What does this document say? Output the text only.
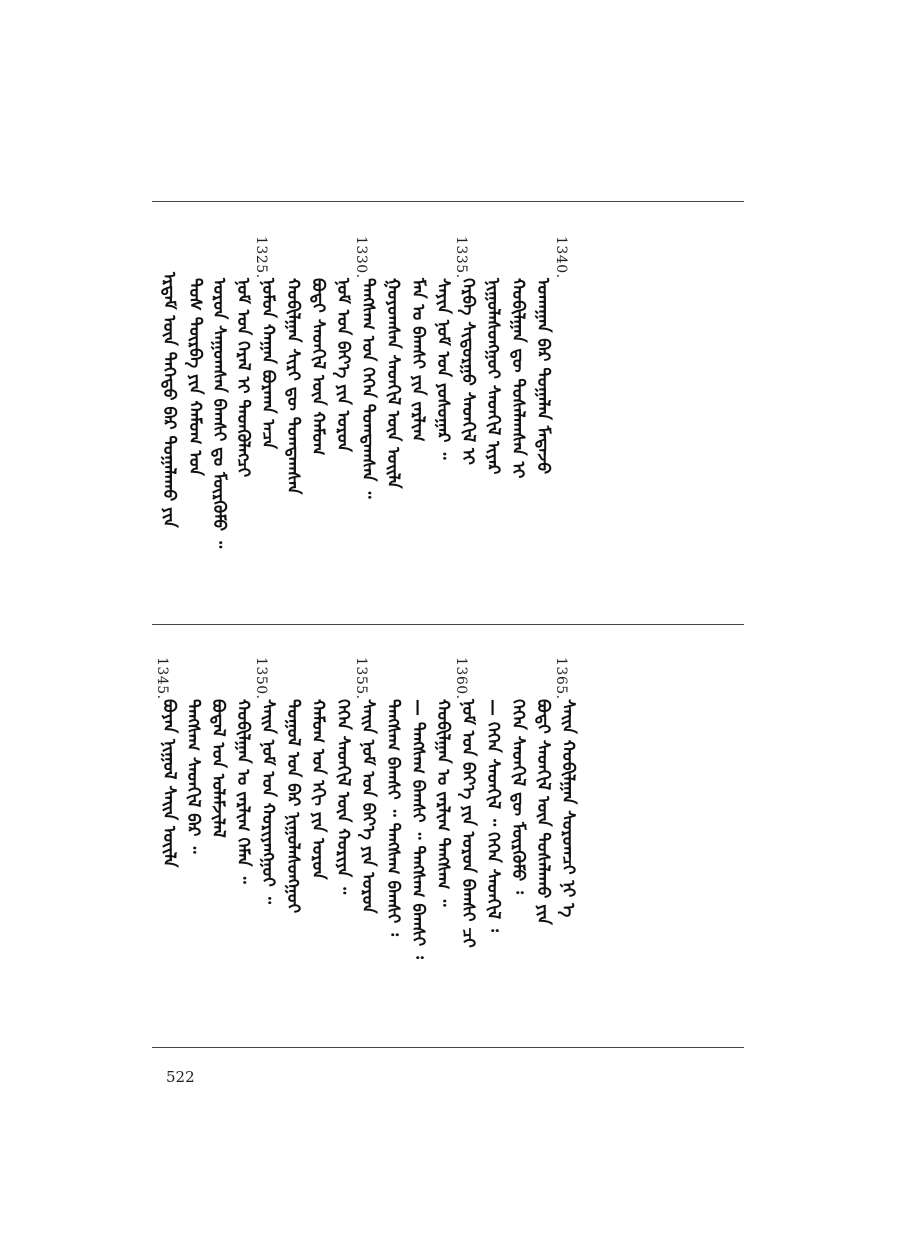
ᠡᠷᠳᠡᠮ ᠦᠨ ᠳᠡᠭᠡᠳᠦ ᠪᠠᠷ ᠲᠣᠭᠠᠯᠠᠬᠤ ᠶᠢᠨ ᠲᠤᠰ ᠳᠥᠷᠪᠡ ᠶᠢᠨ ᠬᠠᠮᠤᠭ ᠤᠨ ᠣᠷᠣᠨ ᠰᠠᠭᠤᠭᠰᠠᠨ ᠪᠠᠭᠰᠢ ᠳᠤ ᠮᠥᠷᠭᠦᠮᠦ ᠃ ᠨᠣᠮ ᠤᠨ ᠭᠡᠷᠡᠯ ᠢ ᠲᠡᠳᠬᠦᠯᠡᠭᠴᠢ
1325.
ᠨᠣᠮᠤᠨ ᠬᠠᠭᠠᠨ ᠪᠤᠷᠬᠠᠨ ᠠᠴᠠ ᠬᠤᠪᠢᠯᠭᠠᠨ ᠰᠢᠷᠢ ᠳᠦ ᠲᠣᠭᠲᠠᠭᠰᠠᠨ ᠪᠣᠳᠢ ᠰᠡᠳᠬᠢᠯ ᠦᠨ ᠬᠠᠮᠤᠭ ᠨᠣᠮ ᠤᠨ ᠪᠡᠶ᠎ᠡ ᠶᠢᠨ ᠣᠷᠣᠨ
1330.
ᠲᠠᠩᠰᠠᠭ ᠤᠨ ᠭᠡᠭᠡᠨ ᠲᠣᠭᠲᠠᠭᠰᠠᠨ ᠃ ᠭᠣᠶᠤᠭᠰᠠᠨ ᠰᠡᠳᠬᠢᠯ ᠦᠨ ᠤᠢᠯᠡ ᠮᠠᠨ ᠤ ᠪᠠᠭᠰᠢ ᠶᠢᠨ ᠵᠠᠷᠯᠢᠭ ᠰᠠᠶᠢᠨ ᠨᠣᠮ ᠤᠨ ᠶᠣᠰᠣᠭᠠᠷ ᠃
1335.
ᠬᠡᠷᠪᠡ ᠰᠢᠳᠤᠷᠭᠤ ᠰᠡᠳᠬᠢᠯ ᠢ ᠨᠢᠭᠤᠯᠠᠰᠤᠩᠭᠤᠢ ᠰᠡᠳᠬᠢᠯ ᠢᠶᠡᠷ ᠬᠤᠪᠢᠯᠭᠠᠨ ᠳᠦ ᠲᠤᠰᠠᠯᠠᠭᠰᠠᠨ ᠢ ᠤᠬᠠᠭᠠᠨ ᠪᠠᠷ ᠲᠣᠭᠠᠯᠠᠨ ᠮᠡᠳᠡᠵᠦ
1340.
1345.
ᠪᠤᠶᠠᠨ ᠨᠢᠭᠤᠯ ᠰᠠᠢᠨ ᠦᠢᠯᠡ ᠲᠠᠩᠰᠠᠭ ᠰᠡᠳᠬᠢᠯ ᠪᠠᠷ ᠃ ᠪᠣᠳᠠᠯ ᠤᠨ ᠤᠯᠠᠮᠵᠢᠯᠠᠯ ᠬᠤᠪᠢᠯᠭᠠᠨ ᠤ ᠵᠠᠷᠯᠢᠭ ᠬᠡᠮᠡᠨ ᠃
1350.
ᠰᠠᠢᠨ ᠨᠣᠮ ᠤᠨ ᠬᠤᠷᠢᠶᠠᠩᠭᠤᠢ ᠃ ᠲᠤᠭᠤᠯ ᠤᠨ ᠪᠠᠷ ᠨᠢᠭᠤᠯᠠᠰᠤᠩᠭᠤᠢ ᠬᠠᠮᠤᠭ ᠤᠨ ᠡᠬᠢ ᠶᠢᠨ ᠣᠷᠣᠨ ᠭᠡᠭᠡᠨ ᠰᠡᠳᠬᠢᠯ ᠦᠨ ᠬᠤᠷᠢᠶᠠ ᠃
1355.
ᠰᠠᠢᠨ ᠨᠣᠮ ᠤᠨ ᠪᠡᠶ᠎ᠡ ᠶᠢᠨ ᠣᠷᠣᠨ ᠲᠠᠩᠰᠠᠭ ᠪᠠᠭᠰᠢ ᠃ ᠲᠠᠩᠰᠠᠭ ᠪᠠᠭᠰᠢ ᠄ — ᠲᠠᠩᠰᠠᠭ ᠪᠠᠭᠰᠢ ᠃ ᠲᠠᠩᠰᠠᠭ ᠪᠠᠭᠰᠢ ᠄ ᠬᠤᠪᠢᠯᠭᠠᠨ ᠤ ᠵᠠᠷᠯᠢᠭ ᠲᠠᠩᠰᠠᠭ ᠃
1360.
ᠨᠣᠮ ᠤᠨ ᠪᠡᠶ᠎ᠡ ᠶᠢᠨ ᠣᠷᠣᠨ ᠪᠠᠭᠰᠢ ᠴᠢ — ᠭᠡᠭᠡᠨ ᠰᠡᠳᠬᠢᠯ ᠃ ᠭᠡᠭᠡᠨ ᠰᠡᠳᠬᠢᠯ ᠄ ᠭᠡᠭᠡᠨ ᠰᠡᠳᠬᠢᠯ ᠳᠦ ᠮᠥᠷᠭᠦᠮᠦ ᠄ ᠪᠣᠳᠢ ᠰᠡᠳᠬᠢᠯ ᠦᠨ ᠲᠤᠰᠠᠯᠠᠬᠤ ᠶᠢᠨ
1365.
ᠰᠠᠢᠨ ᠬᠤᠪᠢᠯᠭᠠᠨ ᠰᠤᠷᠤᠭᠴᠢ ᠨᠢ ᠡ
522
